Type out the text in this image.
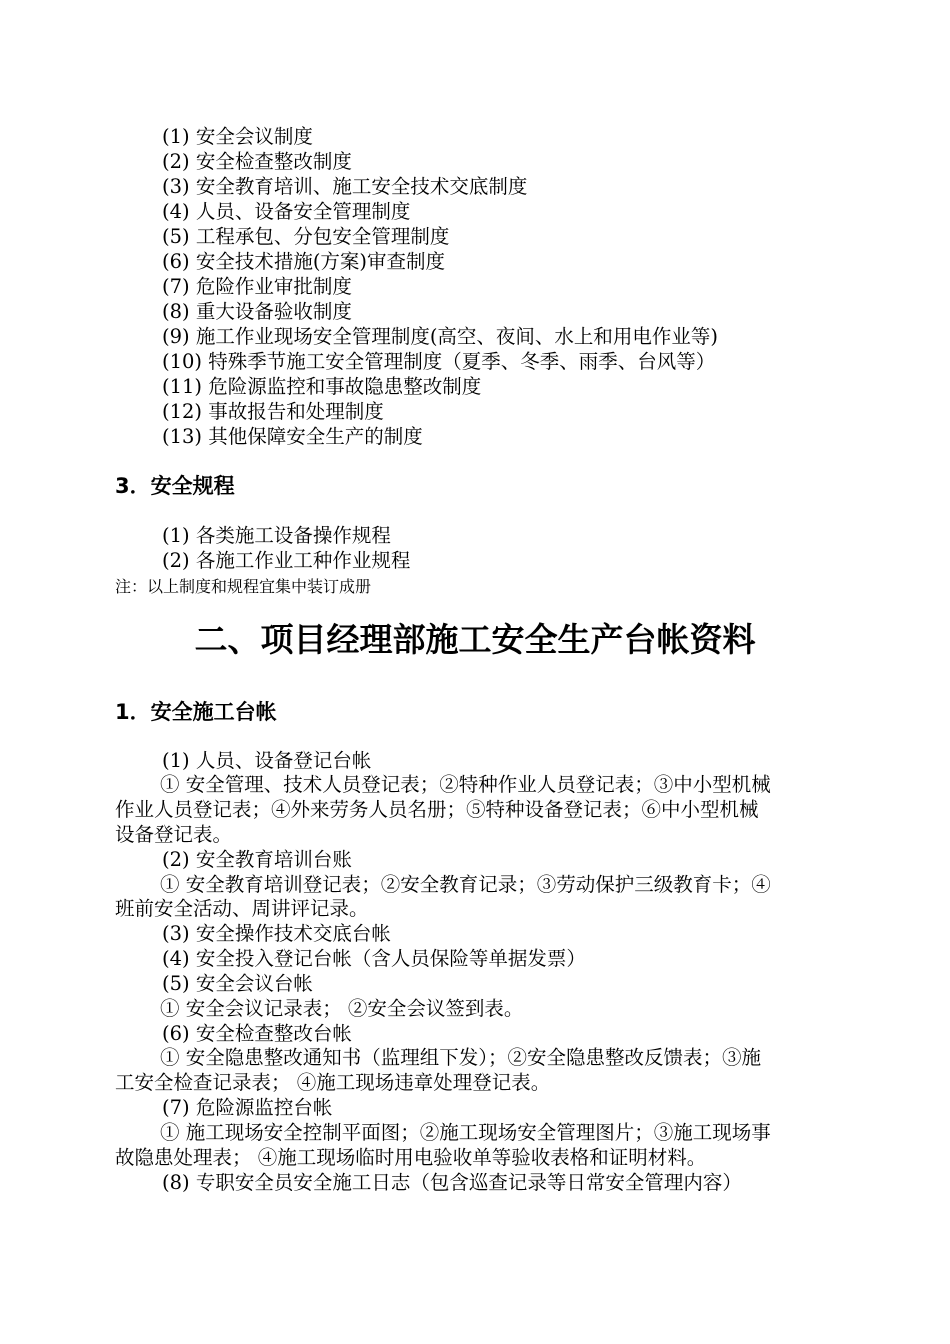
(1) 安全会议制度
(2) 安全检查整改制度
(3) 安全教育培训、施工安全技术交底制度
(4) 人员、设备安全管理制度
(5) 工程承包、分包安全管理制度
(6) 安全技术措施(方案)审查制度
(7) 危险作业审批制度
(8) 重大设备验收制度
(9) 施工作业现场安全管理制度(高空、夜间、水上和用电作业等)
(10) 特殊季节施工安全管理制度（夏季、冬季、雨季、台风等）
(11) 危险源监控和事故隐患整改制度
(12) 事故报告和处理制度
(13) 其他保障安全生产的制度
3．安全规程
(1) 各类施工设备操作规程
(2) 各施工作业工种作业规程
注：以上制度和规程宜集中装订成册
二、项目经理部施工安全生产台帐资料
1．安全施工台帐
(1) 人员、设备登记台帐
① 安全管理、技术人员登记表；②特种作业人员登记表；③中小型机械
作业人员登记表；④外来劳务人员名册；⑤特种设备登记表；⑥中小型机械
设备登记表。
(2) 安全教育培训台账
① 安全教育培训登记表；②安全教育记录；③劳动保护三级教育卡；④
班前安全活动、周讲评记录。
(3) 安全操作技术交底台帐
(4) 安全投入登记台帐（含人员保险等单据发票）
(5) 安全会议台帐
① 安全会议记录表； ②安全会议签到表。
(6) 安全检查整改台帐
① 安全隐患整改通知书（监理组下发）；②安全隐患整改反馈表；③施
工安全检查记录表； ④施工现场违章处理登记表。
(7) 危险源监控台帐
① 施工现场安全控制平面图；②施工现场安全管理图片；③施工现场事
故隐患处理表； ④施工现场临时用电验收单等验收表格和证明材料。
(8) 专职安全员安全施工日志（包含巡查记录等日常安全管理内容）
